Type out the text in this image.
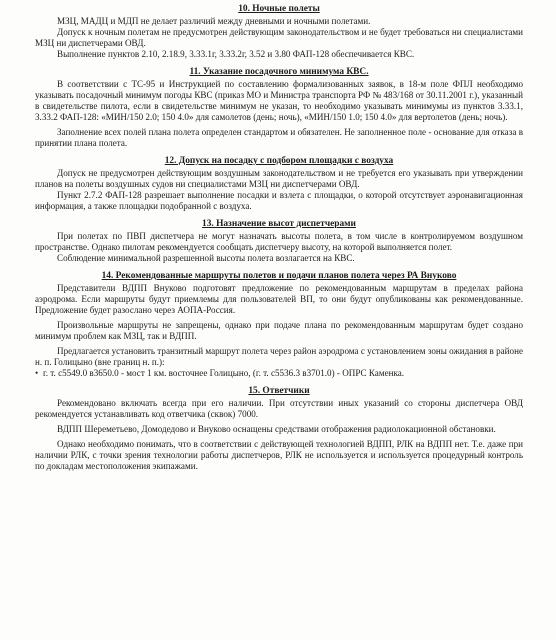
10. Ночные полеты

МЗЦ, МАДЦ и МДП не делает различий между дневными и ночными полетами.

Допуск к ночным полетам не предусмотрен действующим законодательством и не будет требоваться ни специалистами МЗЦ ни диспетчерами ОВД.

Выполнение пунктов 2.10, 2.18.9, 3.33.1г, 3.33.2г, 3.52 и 3.80 ФАП-128 обеспечивается КВС.

11. Указание посадочного минимума КВС.

В соответствии с ТС-95 и Инструкцией по составлению формализованных заявок, в 18-м поле ФПЛ необходимо указывать посадочный минимум погоды КВС (приказ МО и Министра транспорта РФ № 483/168 от 30.11.2001 г.), указанный в свидетельстве пилота, если в свидетельстве минимум не указан, то необходимо указывать минимумы из пунктов 3.33.1, 3.33.2 ФАП-128: «МИН/150 2.0; 150 4.0» для самолетов (день; ночь), «МИН/150 1.0; 150 4.0» для вертолетов (день; ночь).

Заполнение всех полей плана полета определен стандартом и обязателен. Не заполненное поле - основание для отказа в принятии плана полета.

12. Допуск на посадку с подбором площадки с воздуха

Допуск не предусмотрен действующим воздушным законодательством и не требуется его указывать при утверждении планов на полеты воздушных судов ни специалистами МЗЦ ни диспетчерами ОВД.

Пункт 2.7.2 ФАП-128 разрешает выполнение посадки и взлета с площадки, о которой отсутствует аэронавигационная информация, а также площадки подобранной с воздуха.

13. Назначение высот диспетчерами

При полетах по ПВП диспетчера не могут назначать высоты полета, в том числе в контролируемом воздушном пространстве. Однако пилотам рекомендуется сообщать диспетчеру высоту, на которой выполняется полет.

Соблюдение минимальной разрешенной высоты полета возлагается на КВС.

14. Рекомендованные маршруты полетов и подачи планов полета через РА Внуково

Представители ВДПП Внуково подготовят предложение по рекомендованным маршрутам в пределах района аэродрома. Если маршруты будут приемлемы для пользователей ВП, то они будут опубликованы как рекомендованные. Предложение будет разослано через АОПА-Россия.

Произвольные маршруты не запрещены, однако при подаче плана по рекомендованным маршрутам будет создано минимум проблем как МЗЦ, так и ВДПП.

Предлагается установить транзитный маршрут полета через район аэродрома с установлением зоны ожидания в районе н. п. Голицыно (вне границ н. п.):

• г. т. с5549.0 в3650.0 - мост 1 км. восточнее Голицыно, (г. т. с5536.3 в3701.0) - ОПРС Каменка.

15. Ответчики

Рекомендовано включать всегда при его наличии. При отсутствии иных указаний со стороны диспетчера ОВД рекомендуется устанавливать код ответчика (сквок) 7000.

ВДПП Шереметьево, Домодедово и Внуково оснащены средствами отображения радиолокационной обстановки.

Однако необходимо понимать, что в соответствии с действующей технологией ВДПП, РЛК на ВДПП нет. Т.е. даже при наличии РЛК, с точки зрения технологии работы диспетчеров, РЛК не используется и используется процедурный контроль по докладам местоположения экипажами.
